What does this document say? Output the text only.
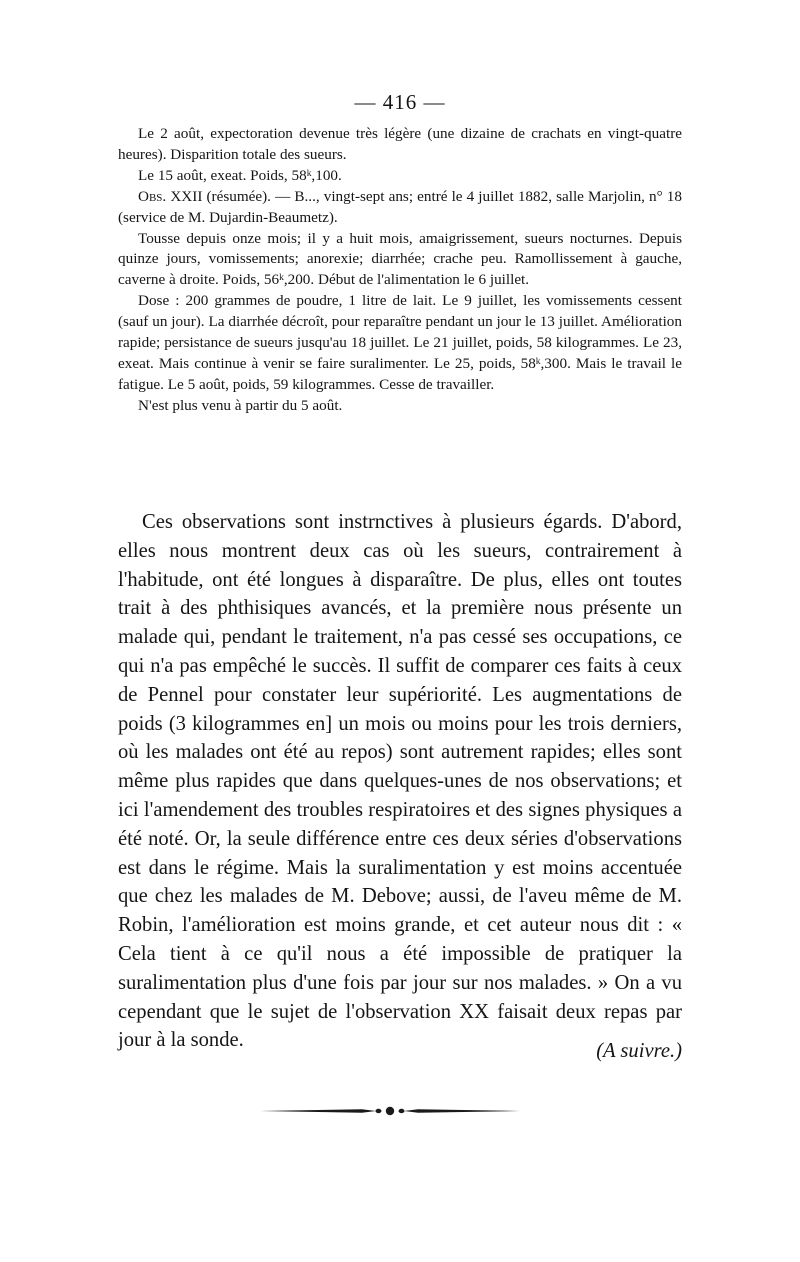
— 416 —

Le 2 août, expectoration devenue très légère (une dizaine de crachats en vingt-quatre heures). Disparition totale des sueurs.

Le 15 août, exeat. Poids, 58$^k$,100.

Obs. XXII (résumée). — B..., vingt-sept ans; entré le 4 juillet 1882, salle Marjolin, n° 18 (service de M. Dujardin-Beaumetz).

Tousse depuis onze mois; il y a huit mois, amaigrissement, sueurs nocturnes. Depuis quinze jours, vomissements; anorexie; diarrhée; crache peu. Ramollissement à gauche, caverne à droite. Poids, 56$^k$,200. Début de l'alimentation le 6 juillet.

Dose : 200 grammes de poudre, 1 litre de lait. Le 9 juillet, les vomissements cessent (sauf un jour). La diarrhée décroît, pour reparaître pendant un jour le 13 juillet. Amélioration rapide; persistance de sueurs jusqu'au 18 juillet. Le 21 juillet, poids, 58 kilogrammes. Le 23, exeat. Mais continue à venir se faire suralimenter. Le 25, poids, 58$^k$,300. Mais le travail le fatigue. Le 5 août, poids, 59 kilogrammes. Cesse de travailler.

N'est plus venu à partir du 5 août.

Ces observations sont instrnctives à plusieurs égards. D'abord, elles nous montrent deux cas où les sueurs, contrairement à l'habitude, ont été longues à disparaître. De plus, elles ont toutes trait à des phthisiques avancés, et la première nous présente un malade qui, pendant le traitement, n'a pas cessé ses occupations, ce qui n'a pas empêché le succès. Il suffit de comparer ces faits à ceux de Pennel pour constater leur supériorité. Les augmentations de poids (3 kilogrammes en] un mois ou moins pour les trois derniers, où les malades ont été au repos) sont autrement rapides; elles sont même plus rapides que dans quelques-unes de nos observations; et ici l'amendement des troubles respiratoires et des signes physiques a été noté. Or, la seule différence entre ces deux séries d'observations est dans le régime. Mais la suralimentation y est moins accentuée que chez les malades de M. Debove; aussi, de l'aveu même de M. Robin, l'amélioration est moins grande, et cet auteur nous dit : « Cela tient à ce qu'il nous a été impossible de pratiquer la suralimentation plus d'une fois par jour sur nos malades. » On a vu cependant que le sujet de l'observation XX faisait deux repas par jour à la sonde.	(A suivre.)
